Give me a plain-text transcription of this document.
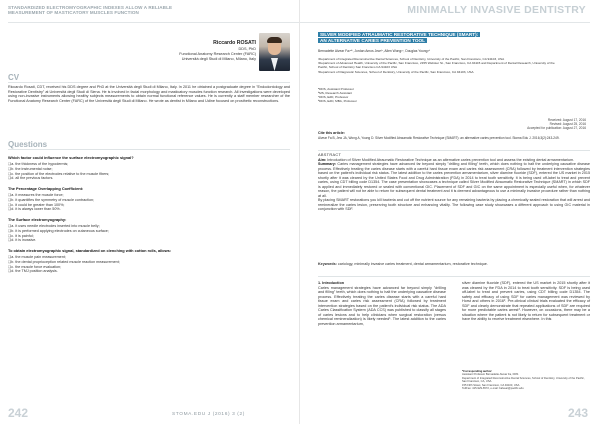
STANDARDIZED ELECTROMYOGRAPHIC INDEXES ALLOW A RELIABLE MEASUREMENT OF MASTICATORY MUSCLES FUNCTION
Riccardo ROSATI
DDS, PhD
Functional Anatomy Research Center (FARC)
Università degli Studi di Milano, Milano, Italy
CV
Riccardo Rosati, CDT, received his DDS degree and PhD at the Università degli Studi di Milano, Italy. In 2011 he obtained a postgraduate degree in "Endodontology and Restorative Dentistry" at Università degli Studi di Siena. He is involved in facial morphology and masticatory muscles function research. All investigations were developed using non-invasive instruments allowing healthy subjects measurements to obtain normal functional reference values. He is currently a staff member researcher of the Functional Anatomy Research Center (FARC) of the Università degli Studi di Milano. He wrote as dentist in Milano and Udine focused on prosthetic reconstructions.
Questions
Which factor could influence the surface electromyographic signal?
❑a. the thickness of the hypodermis;
❑b. the instrumental noise;
❑c. the position of the electrodes relative to the muscle fibers;
❑d. all the previous factors.
The Percentage Overlapping Coefficient:
❑a. it measures the muscle force;
❑b. it quantifies the symmetry of muscle contraction;
❑c. it could be greater than 100%;
❑d. it is always lower than 50%.
The Surface electromyography:
❑a. it uses needle electrodes inserted into muscle belly;
❑b. it is performed applying electrodes on cutaneous surface;
❑c. it is painful;
❑d. it is invasive.
To obtain electromyographic signal, standardized on clenching with cotton rolls, allows:
❑a. the muscle pain measurement;
❑b. the dental proprioception related muscle reaction measurement;
❑c. the muscle force evaluation;
❑d. the TMJ position analysis.
242	STOMA.EDU J (2016) 3 (2)
MINIMALLY INVASIVE DENTISTRY
SILVER MODIFIED ATRAUMATIC RESTORATIVE TECHNIQUE (SMART):
AN ALTERNATIVE CARIES PREVENTION TOOL
Bernadette Alvear Fa¹ᵃ*, Jordan Amos Jew¹ᵇ, Allen Wong¹ᶜ, Douglas Young¹ᵈ
¹Department of Integrated Reconstructive Dental Sciences, School of Dentistry, University of the Pacific, San Francisco, CA 94103, USA
²Department of Advanced Health, University of the Pacific, San Francisco, 2155 Webster St., San Francisco, CA 94115 and Department of Dental Research, University of the
Pacific, School of Dentistry San Francisco CA 94103 USA
³Department of Diagnostic Sciences, School of Dentistry, University of the Pacific, San Francisco, CA 94103, USA
ᵃDDS, Assistant Professor
ᵇMS, Research Assistant
ᶜDDS, EdD, Professor
ᵈDDS, EdD, MBA, Professor
Received: August 17, 2016
Revised: August 25, 2016
Accepted for publication: August 27, 2016
Cite this article:
Alvear Fa B, Jew JA, Wong A, Young D. Silver Modified Atraumatic Restorative Technique (SMART): an alternative caries prevention tool. Stoma Edu J. 2016;3(2):243-249.
ABSTRACT
Aim: Introduction of Silver Modified Atraumatic Restorative Technique as an alternative caries prevention tool and assess the existing dental armamentarium.
Summary: Caries management strategies have advanced far beyond simply "drilling and filling" teeth, which does nothing to halt the underlying causative disease process. Effectively treating the caries disease starts with a careful hard tissue exam and caries risk assessment (CRA) followed by treatment intervention strategies based on the patient's individual risk status. The latest addition to the caries prevention armamentarium, silver diamine fluoride (SDF), entered the US market in 2015 shortly after it was cleared by the United States Food and Drug Administration (FDA) in 2014 to treat tooth sensitivity. It is being used off-label to treat and prevent caries, using CDT billing code D1354. The case presentation showcases a technique called Silver Modified Atraumatic Restorative Technique (SMART) in which SDF is applied and immediately restored or sealed with conventional GIC. Placement of SDF and GIC on the same appointment is especially useful when, for whatever reason, the patient will not be able to return for subsequent dental treatment and it is deemed advantageous to use a minimally invasive procedure rather than nothing at all.
By placing SMART restorations you kill bacteria and cut off the nutrient source for any remaining bacteria by placing a chemically sealed restoration that will arrest and remineralize the caries lesion, preserving tooth structure and enhancing vitality. The following case study showcases a different approach to using GIC material in conjunction with SDF.
Keywords: cariology, minimally invasive caries treatment, dental armamentarium, restorative technique.
1. Introduction
Caries management strategies have advanced far beyond simply "drilling and filling" teeth, which does nothing to halt the underlying causative disease process. Effectively treating the caries disease starts with a careful hard tissue exam and caries risk assessment (CRA) followed by treatment intervention strategies based on the patient's individual risk status. The ADA Caries Classification System (ADA CCS) was published to classify all stages of caries lesions and to help clinicians when surgical restoration (versus chemical remineralization) is likely needed¹. The latest addition to the caries prevention armamentarium,
silver diamine fluoride (SDF), entered the US market in 2015 shortly after it was cleared by the FDA in 2014 to treat tooth sensitivity. SDF is being used off-label to treat and prevent caries, using CDT billing code D1354. The safety and efficacy of using SDF for caries management was reviewed by Horst and others in 2016². Pre-clinical clinical trials evaluated the efficacy of SDF and clearly demonstrate that repeated applications of SDF are required for more predictable caries arrest³. However, on occasions, there may be a situation where the patient is not likely to return for subsequent treatment or have the ability to receive treatment elsewhere. In this
*Corresponding author:
Assistant Professor Bernadette Alvear Fa, DDS
Department of Integrated Reconstructive Dental Sciences, School of Dentistry, University of the Pacific, San Francisco, CA, USA
155 Fifth Street, San Francisco, CA 94103, USA
Tel/Fax: 415-929-6572, e-mail: balvear@pacific.edu
243
